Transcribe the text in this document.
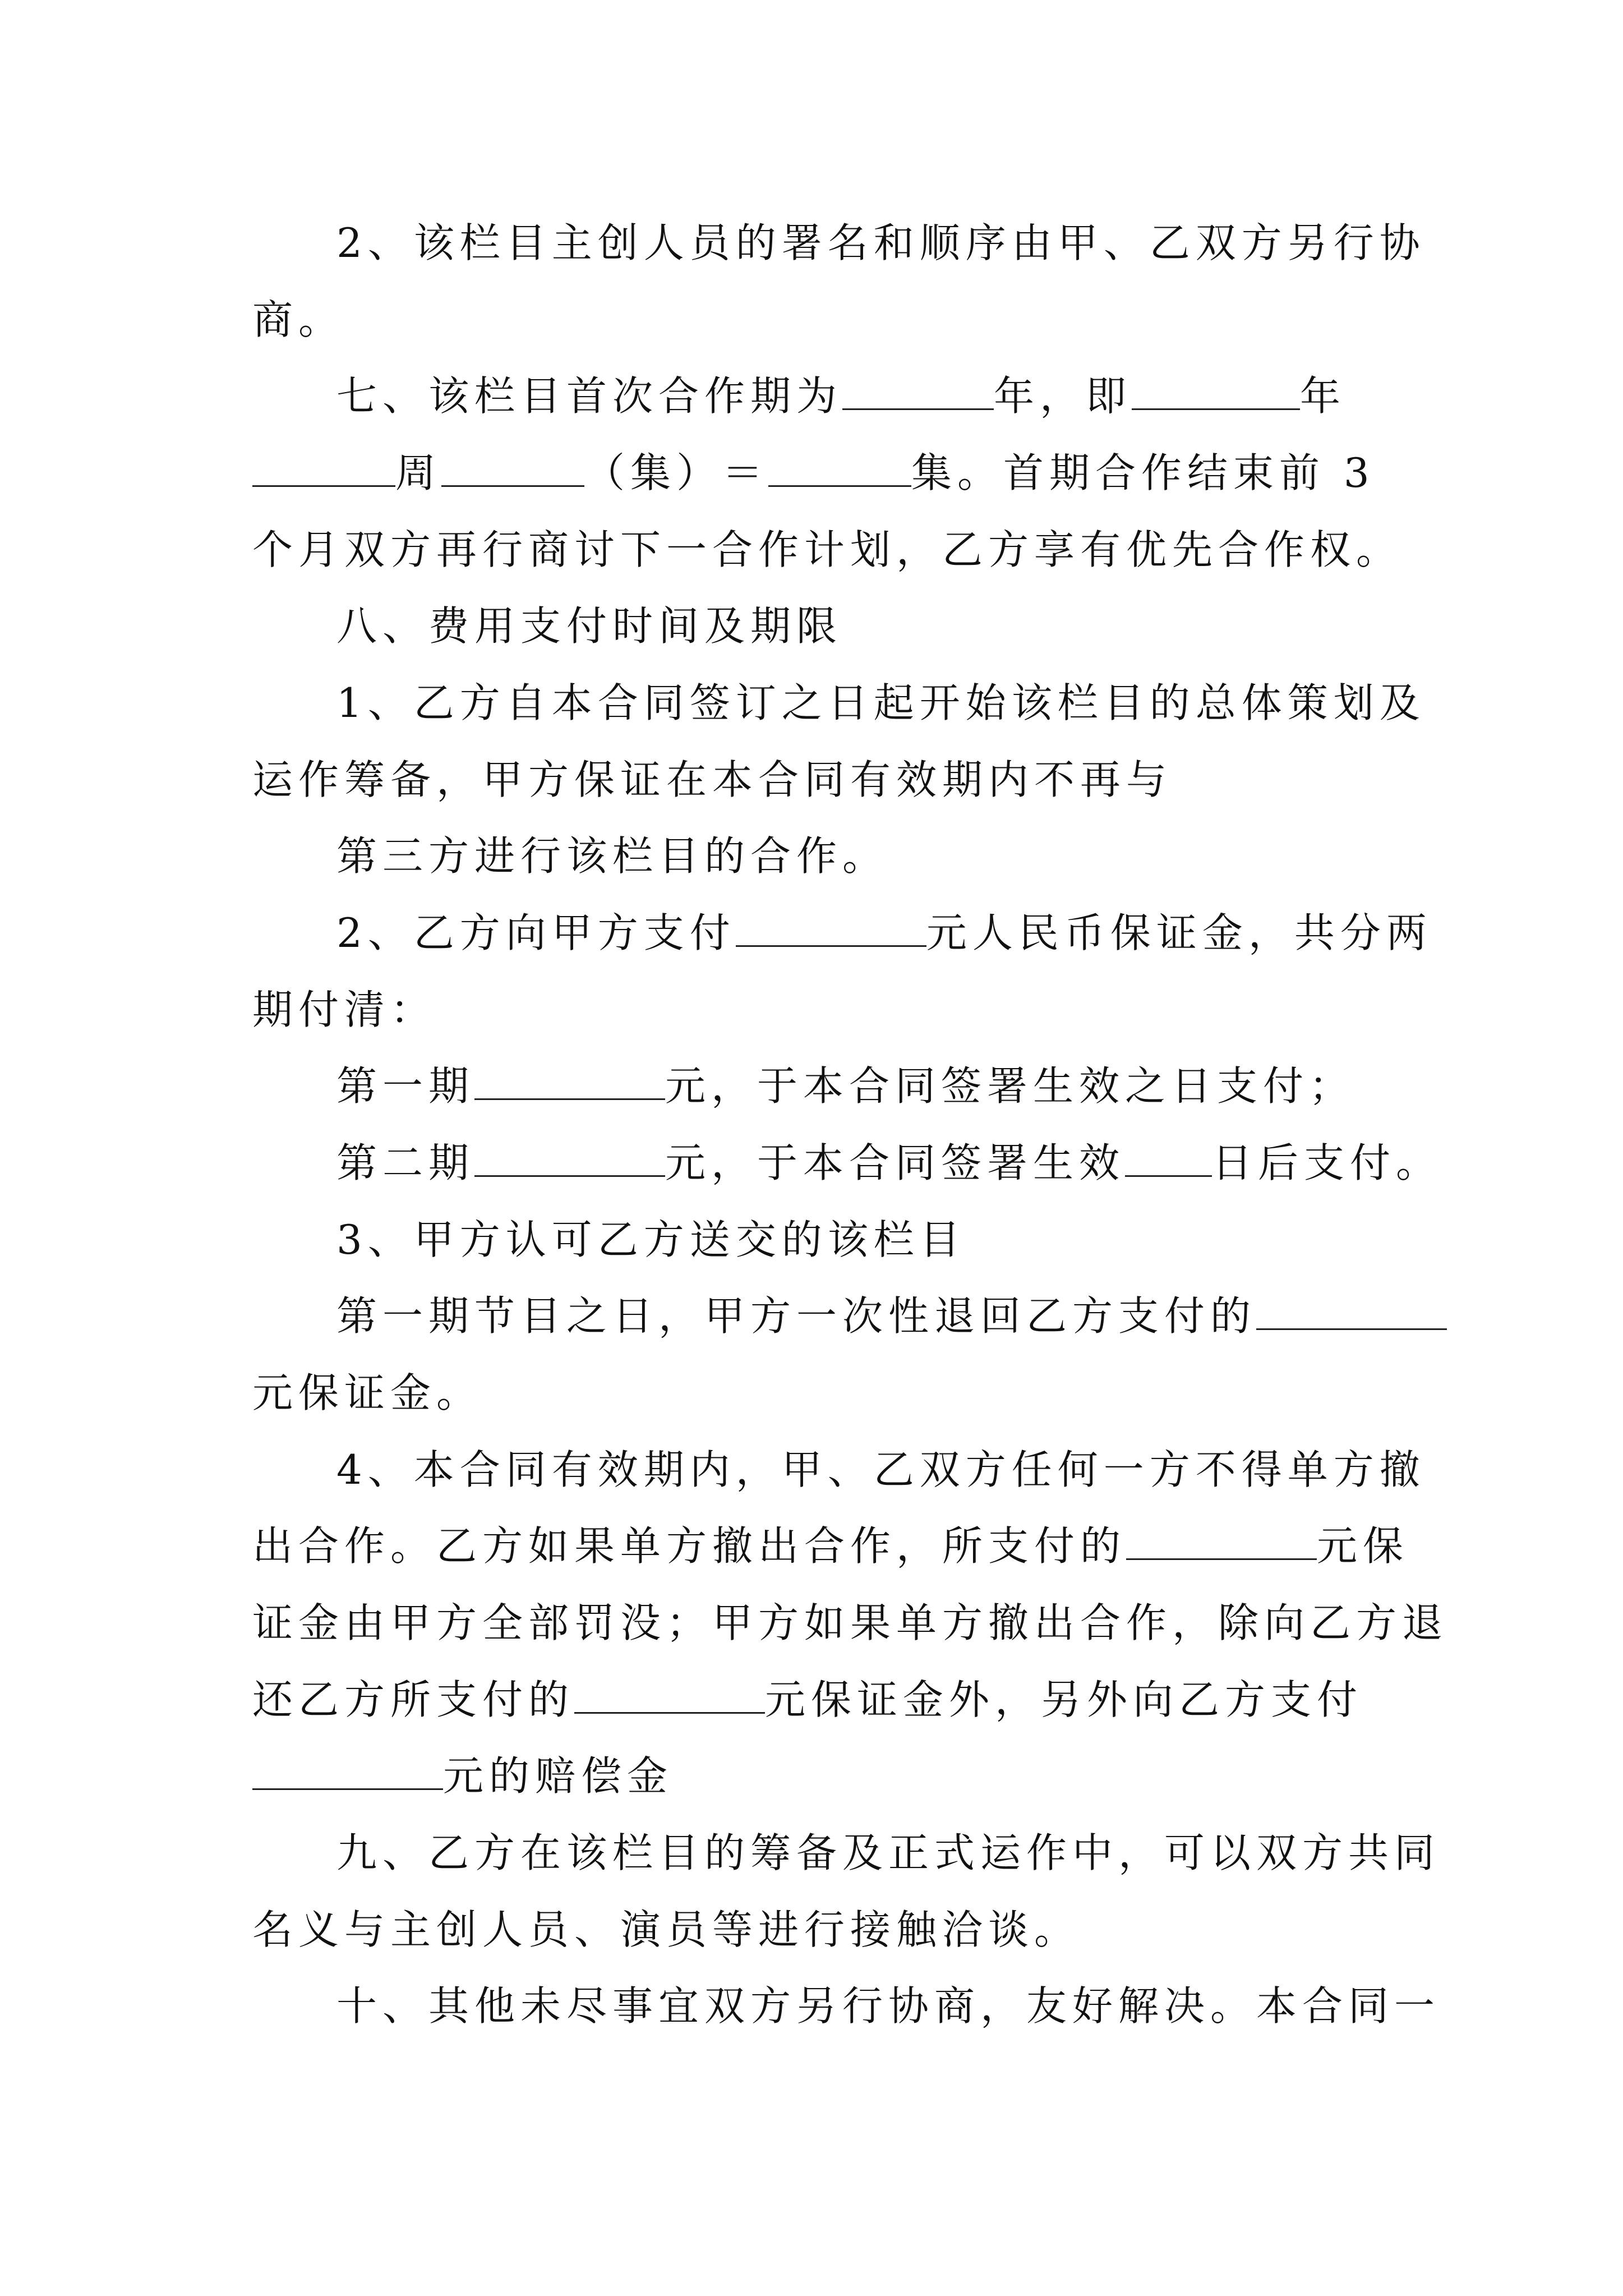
2、该栏目主创人员的署名和顺序由甲、乙双方另行协
商。
七、该栏目首次合作期为	年，即	年
周	（集）＝	集。首期合作结束前 3
个月双方再行商讨下一合作计划，乙方享有优先合作权。
八、费用支付时间及期限
1、乙方自本合同签订之日起开始该栏目的总体策划及
运作筹备，甲方保证在本合同有效期内不再与
第三方进行该栏目的合作。
2、乙方向甲方支付	元人民币保证金，共分两
期付清：
第一期	元，于本合同签署生效之日支付；
第二期	元，于本合同签署生效 日后支付。
3、甲方认可乙方送交的该栏目
第一期节目之日，甲方一次性退回乙方支付的
元保证金。
4、本合同有效期内，甲、乙双方任何一方不得单方撤
出合作。乙方如果单方撤出合作，所支付的	元保
证金由甲方全部罚没；甲方如果单方撤出合作，除向乙方退
还乙方所支付的	元保证金外，另外向乙方支付
元的赔偿金
九、乙方在该栏目的筹备及正式运作中，可以双方共同
名义与主创人员、演员等进行接触洽谈。
十、其他未尽事宜双方另行协商，友好解决。本合同一
